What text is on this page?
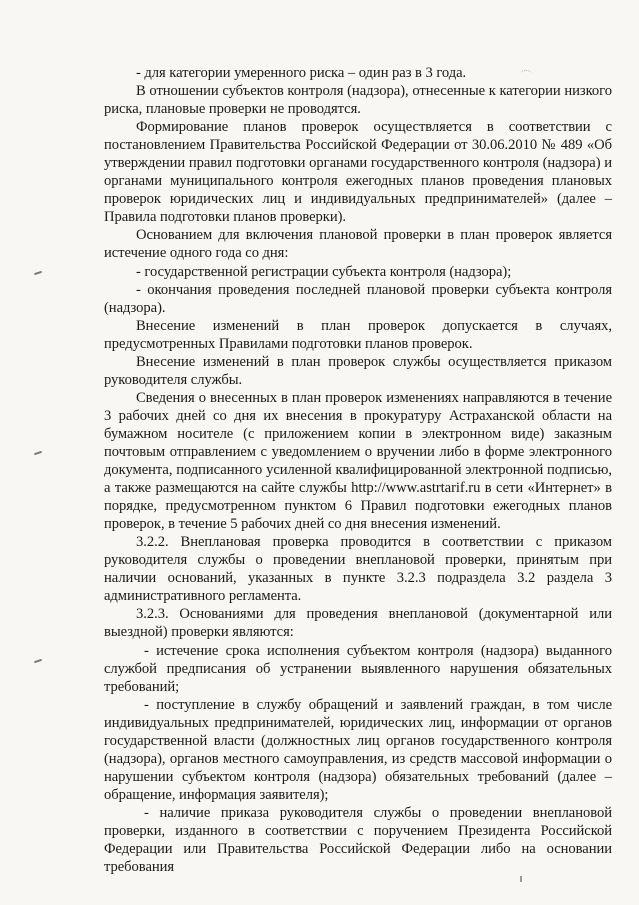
- для категории умеренного риска – один раз в 3 года.

В отношении субъектов контроля (надзора), отнесенные к категории низкого риска, плановые проверки не проводятся.

Формирование планов проверок осуществляется в соответствии с постановлением Правительства Российской Федерации от 30.06.2010 № 489 «Об утверждении правил подготовки органами государственного контроля (надзора) и органами муниципального контроля ежегодных планов проведения плановых проверок юридических лиц и индивидуальных предпринимателей» (далее – Правила подготовки планов проверки).

Основанием для включения плановой проверки в план проверок является истечение одного года со дня:

- государственной регистрации субъекта контроля (надзора);

- окончания проведения последней плановой проверки субъекта контроля (надзора).

Внесение изменений в план проверок допускается в случаях, предусмотренных Правилами подготовки планов проверок.

Внесение изменений в план проверок службы осуществляется приказом руководителя службы.

Сведения о внесенных в план проверок изменениях направляются в течение 3 рабочих дней со дня их внесения в прокуратуру Астраханской области на бумажном носителе (с приложением копии в электронном виде) заказным почтовым отправлением с уведомлением о вручении либо в форме электронного документа, подписанного усиленной квалифицированной электронной подписью, а также размещаются на сайте службы http://www.astrtarif.ru в сети «Интернет» в порядке, предусмотренном пунктом 6 Правил подготовки ежегодных планов проверок, в течение 5 рабочих дней со дня внесения изменений.

3.2.2. Внеплановая проверка проводится в соответствии с приказом руководителя службы о проведении внеплановой проверки, принятым при наличии оснований, указанных в пункте 3.2.3 подраздела 3.2 раздела 3 административного регламента.

3.2.3. Основаниями для проведения внеплановой (документарной или выездной) проверки являются:

- истечение срока исполнения субъектом контроля (надзора) выданного службой предписания об устранении выявленного нарушения обязательных требований;

- поступление в службу обращений и заявлений граждан, в том числе индивидуальных предпринимателей, юридических лиц, информации от органов государственной власти (должностных лиц органов государственного контроля (надзора), органов местного самоуправления, из средств массовой информации о нарушении субъектом контроля (надзора) обязательных требований (далее – обращение, информация заявителя);

- наличие приказа руководителя службы о проведении внеплановой проверки, изданного в соответствии с поручением Президента Российской Федерации или Правительства Российской Федерации либо на основании требования
